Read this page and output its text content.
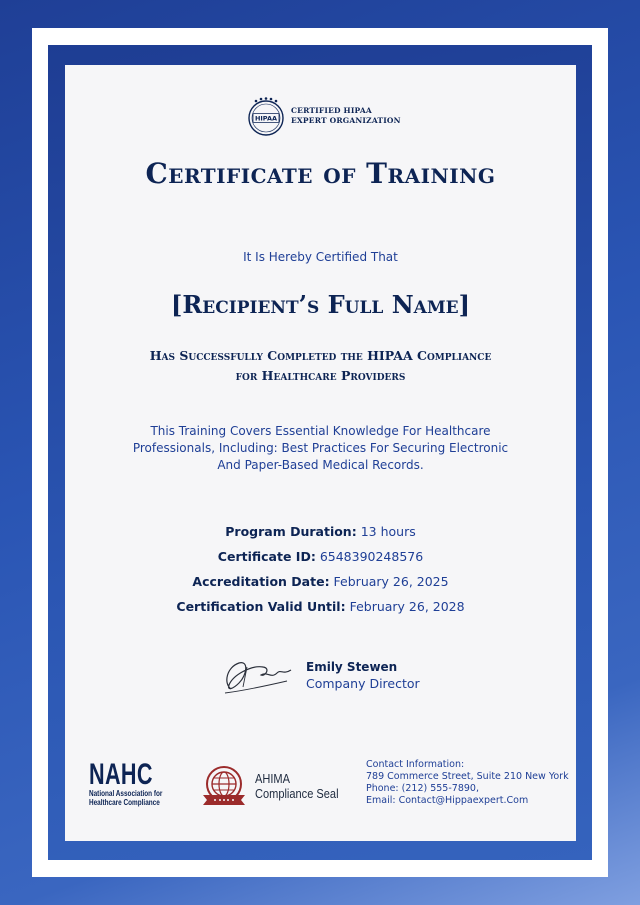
HIPAA
CERTIFIED HIPAA
EXPERT ORGANIZATION
Certificate of Training
It Is Hereby Certified That
[Recipient’s Full Name]
Has Successfully Completed the HIPAA Compliance
for Healthcare Providers
This Training Covers Essential Knowledge For Healthcare
Professionals, Including: Best Practices For Securing Electronic
And Paper-Based Medical Records.
Program Duration: 13 hours
Certificate ID: 6548390248576
Accreditation Date: February 26, 2025
Certification Valid Until: February 26, 2028
Emily Stewen
Company Director
NAHC
National Association for
Healthcare Compliance
AHIMA
Compliance Seal
Contact Information:
789 Commerce Street, Suite 210 New York
Phone: (212) 555-7890,
Email: Contact@Hippaexpert.Com
